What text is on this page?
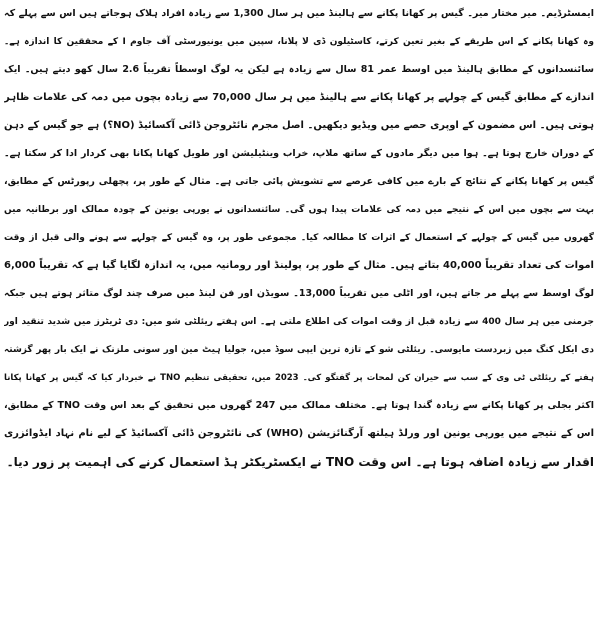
ایمسٹرڈیم۔ میر مختار میر۔ گیس پر کھانا پکانے سے ہالینڈ میں ہر سال 1,300 سے زیادہ افراد ہلاک ہوجاتے ہیں اس سے پہلے کہ
وہ کھانا پکانے کے اس طریقے کے بغیر تعین کرتے، کاسٹیلون ڈی لا پلانا، سپین میں یونیورسٹی آف جاوم I کے محققین کا اندازہ ہے۔
سائنسدانوں کے مطابق ہالینڈ میں اوسط عمر 81 سال سے زیادہ ہے لیکن یہ لوگ اوسطاً تقریباً 2.6 سال کھو دیتے ہیں۔ ایک
اندازے کے مطابق گیس کے چولہے پر کھانا پکانے سے ہالینڈ میں ہر سال 70,000 سے زیادہ بچوں میں دمہ کی علامات ظاہر
ہوتی ہیں۔ اس مضمون کے اوپری حصے میں ویڈیو دیکھیں۔ اصل مجرم نائٹروجن ڈائی آکسائیڈ (NO؟) ہے جو گیس کے دہن
کے دوران خارج ہوتا ہے۔ ہوا میں دیگر مادوں کے ساتھ ملاپ، خراب وینٹیلیشن اور طویل کھانا پکانا بھی کردار ادا کر سکتا ہے۔
گیس پر کھانا پکانے کے نتائج کے بارے میں کافی عرصے سے تشویش پائی جاتی ہے۔ مثال کے طور پر، پچھلی رپورٹس کے مطابق،
بہت سے بچوں میں اس کے نتیجے میں دمہ کی علامات پیدا ہوں گی۔ سائنسدانوں نے یورپی یونین کے چودہ ممالک اور برطانیہ میں
گھروں میں گیس کے چولہے کے استعمال کے اثرات کا مطالعہ کیا۔ مجموعی طور پر، وہ گیس کے چولہے سے ہونے والی قبل از وقت
اموات کی تعداد تقریباً 40,000 بتاتے ہیں۔ مثال کے طور پر، پولینڈ اور رومانیہ میں، یہ اندازہ لگایا گیا ہے کہ تقریباً 6,000
لوگ اوسط سے پہلے مر جاتے ہیں، اور اٹلی میں تقریباً 13,000۔ سویڈن اور فن لینڈ میں صرف چند لوگ متاثر ہوتے ہیں جبکہ
جرمنی میں ہر سال 400 سے زیادہ قبل از وقت اموات کی اطلاع ملتی ہے۔ اس ہفتے ریئلٹی شو میں: دی ٹریٹرز میں شدید تنقید اور
دی ایکل کنگ میں زبردست مایوسی۔ ریئلٹی شو کے تازہ ترین ایپی سوڈ میں، جولیا ہیٹ مین اور سونی ملزنک نے ایک بار پھر گزشتہ
ہفتے کے ریئلٹی ٹی وی کے سب سے حیران کن لمحات پر گفتگو کی۔ 2023 میں، تحقیقی تنظیم TNO نے خبردار کیا کہ گیس پر کھانا پکانا
اکثر بجلی پر کھانا پکانے سے زیادہ گندا ہوتا ہے۔ مختلف ممالک میں 247 گھروں میں تحقیق کے بعد اس وقت TNO کے مطابق،
اس کے نتیجے میں یورپی یونین اور ورلڈ ہیلتھ آرگنائزیشن (WHO) کی نائٹروجن ڈائی آکسائیڈ کے لیے نام نہاد ایڈوائزری
اقدار سے زیادہ اضافہ ہوتا ہے۔ اس وقت TNO نے ایکسٹریکٹر ہڈ استعمال کرنے کی اہمیت پر زور دیا۔
